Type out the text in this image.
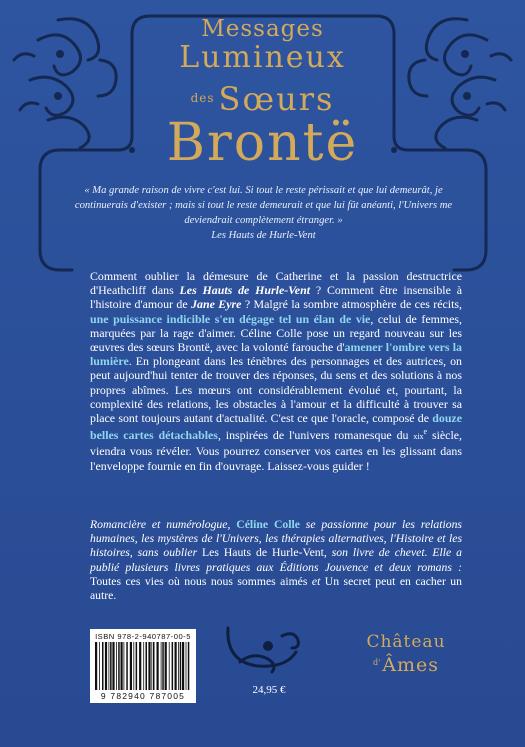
Messages
Lumineux
$^{des}$ Sœurs
Brontë
« Ma grande raison de vivre c'est lui. Si tout le reste périssait et que lui demeurât, je continuerais d'exister ; mais si tout le reste demeurait et que lui fût anéanti, l'Univers me deviendrait complètement étranger. »
Les Hauts de Hurle-Vent
Comment oublier la démesure de Catherine et la passion destructrice d'Heathcliff dans Les Hauts de Hurle-Vent ? Comment être insensible à l'histoire d'amour de Jane Eyre ? Malgré la sombre atmosphère de ces récits, une puissance indicible s'en dégage tel un élan de vie, celui de femmes, marquées par la rage d'aimer. Céline Colle pose un regard nouveau sur les œuvres des sœurs Brontë, avec la volonté farouche d'amener l'ombre vers la lumière. En plongeant dans les ténèbres des personnages et des autrices, on peut aujourd'hui tenter de trouver des réponses, du sens et des solutions à nos propres abîmes. Les mœurs ont considérablement évolué et, pourtant, la complexité des relations, les obstacles à l'amour et la difficulté à trouver sa place sont toujours autant d'actualité. C'est ce que l'oracle, composé de douze belles cartes détachables, inspirées de l'univers romanesque du xix$^e$ siècle, viendra vous révéler. Vous pourrez conserver vos cartes en les glissant dans l'enveloppe fournie en fin d'ouvrage. Laissez-vous guider !
Romancière et numérologue, Céline Colle se passionne pour les relations humaines, les mystères de l'Univers, les thérapies alternatives, l'Histoire et les histoires, sans oublier Les Hauts de Hurle-Vent, son livre de chevet. Elle a publié plusieurs livres pratiques aux Éditions Jouvence et deux romans : Toutes ces vies où nous nous sommes aimés et Un secret peut en cacher un autre.
ISBN 978-2-940787-00-5
9 782940 787005	24,95 €
Château
$^{d'}$ Âmes
